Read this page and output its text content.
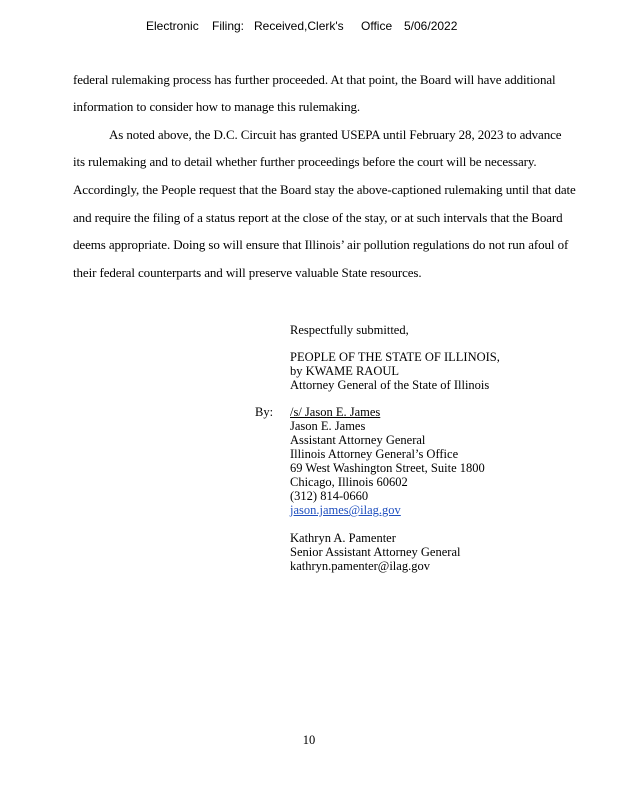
Electronic Filing: Received,Clerk's Office 5/06/2022
federal rulemaking process has further proceeded. At that point, the Board will have additional
information to consider how to manage this rulemaking.
As noted above, the D.C. Circuit has granted USEPA until February 28, 2023 to advance
its rulemaking and to detail whether further proceedings before the court will be necessary.
Accordingly, the People request that the Board stay the above-captioned rulemaking until that date
and require the filing of a status report at the close of the stay, or at such intervals that the Board
deems appropriate. Doing so will ensure that Illinois’ air pollution regulations do not run afoul of
their federal counterparts and will preserve valuable State resources.
Respectfully submitted,
PEOPLE OF THE STATE OF ILLINOIS,
by KWAME RAOUL
Attorney General of the State of Illinois
By: /s/ Jason E. James
Jason E. James
Assistant Attorney General
Illinois Attorney General’s Office
69 West Washington Street, Suite 1800
Chicago, Illinois 60602
(312) 814-0660
jason.james@ilag.gov
Kathryn A. Pamenter
Senior Assistant Attorney General
kathryn.pamenter@ilag.gov
10
